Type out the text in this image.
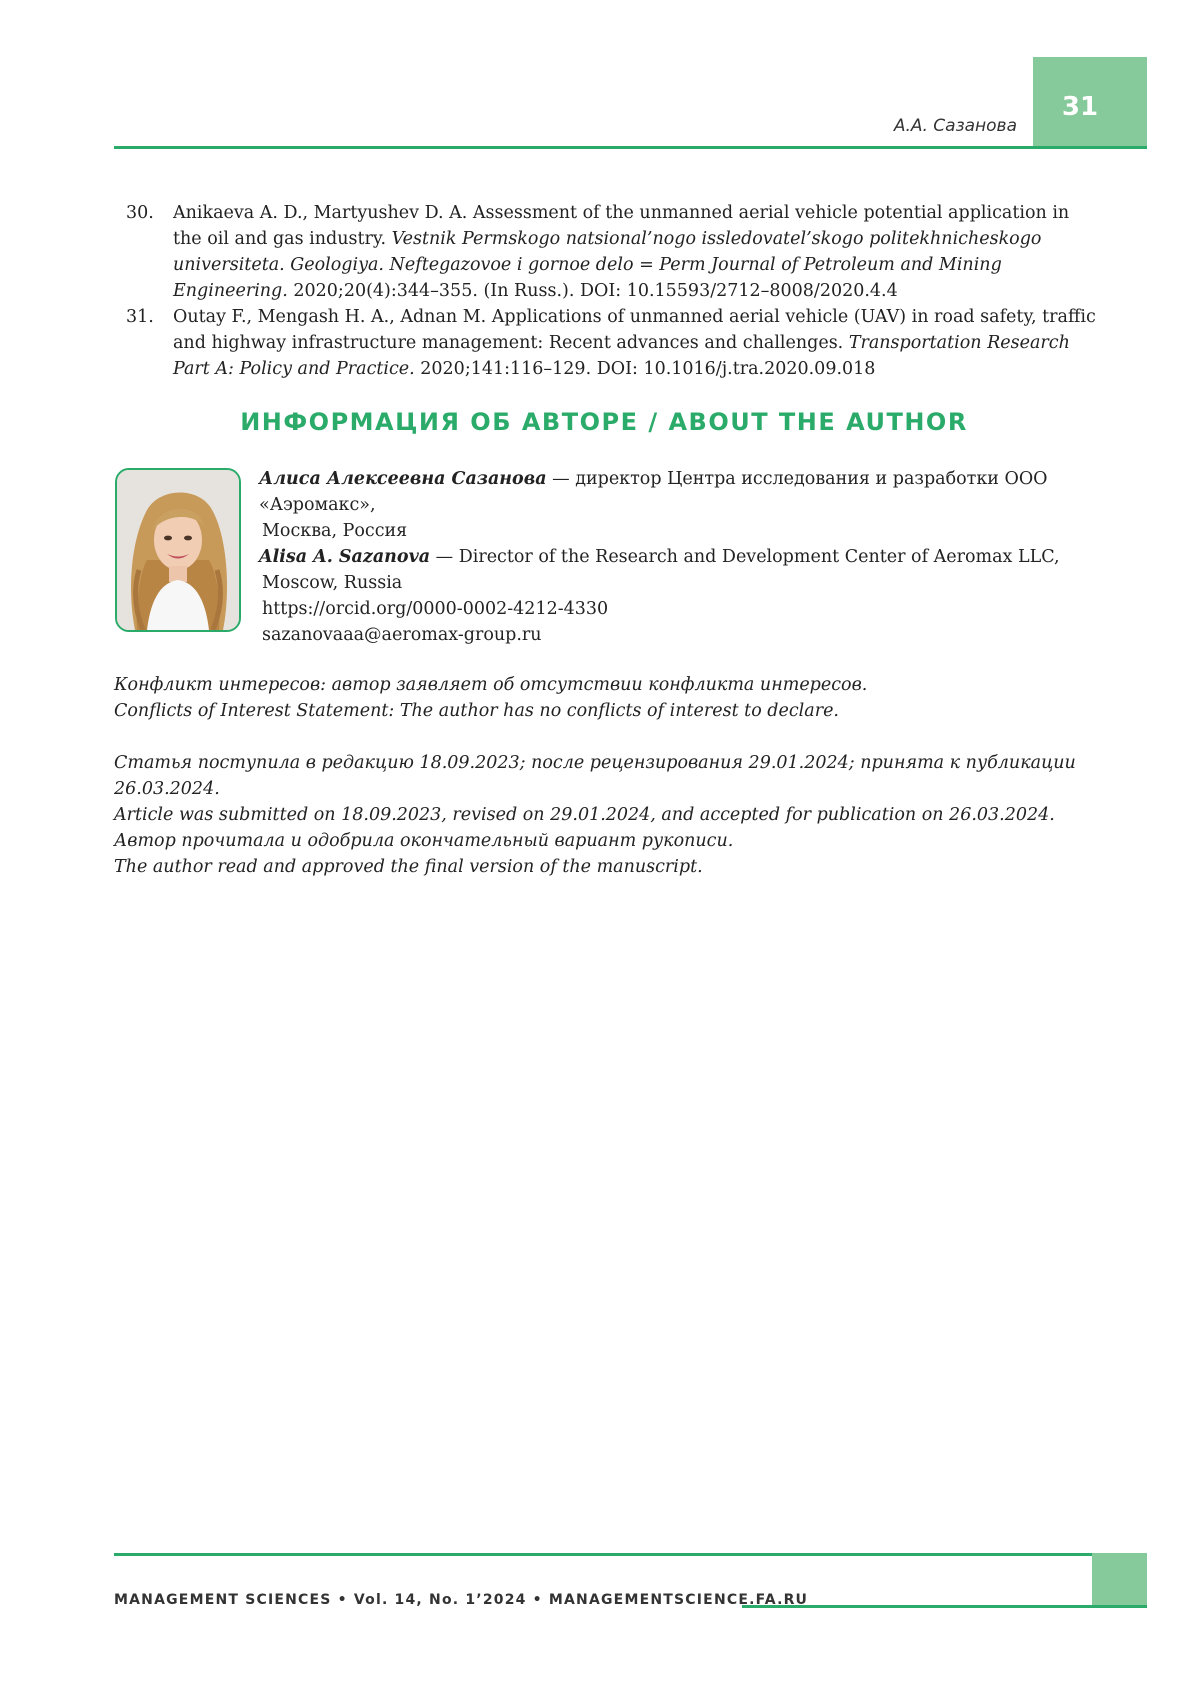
31
А.А. Сазанова
30. Anikaeva A. D., Martyushev D. A. Assessment of the unmanned aerial vehicle potential application in the oil and gas industry. Vestnik Permskogo natsional’nogo issledovatel’skogo politekhnicheskogo universiteta. Geologiya. Neftegazovoe i gornoe delo = Perm Journal of Petroleum and Mining Engineering. 2020;20(4):344–355. (In Russ.). DOI: 10.15593/2712–8008/2020.4.4
31. Outay F., Mengash H. A., Adnan M. Applications of unmanned aerial vehicle (UAV) in road safety, traffic and highway infrastructure management: Recent advances and challenges. Transportation Research Part A: Policy and Practice. 2020;141:116–129. DOI: 10.1016/j.tra.2020.09.018
ИНФОРМАЦИЯ ОБ АВТОРЕ / ABOUT THE AUTHOR
Алиса Алексеевна Сазанова — директор Центра исследования и разработки ООО «Аэромакс»,
Москва, Россия
Alisa A. Sazanova — Director of the Research and Development Center of Aeromax LLC,
Moscow, Russia
https://orcid.org/0000-0002-4212-4330
sazanovaaa@aeromax-group.ru
Конфликт интересов: автор заявляет об отсутствии конфликта интересов.
Conflicts of Interest Statement: The author has no conflicts of interest to declare.
Статья поступила в редакцию 18.09.2023; после рецензирования 29.01.2024; принята к публикации 26.03.2024.
Article was submitted on 18.09.2023, revised on 29.01.2024, and accepted for publication on 26.03.2024.
Автор прочитала и одобрила окончательный вариант рукописи.
The author read and approved the final version of the manuscript.
MANAGEMENT SCIENCES • Vol. 14, No. 1’2024 • MANAGEMENTSCIENCE.FA.RU
